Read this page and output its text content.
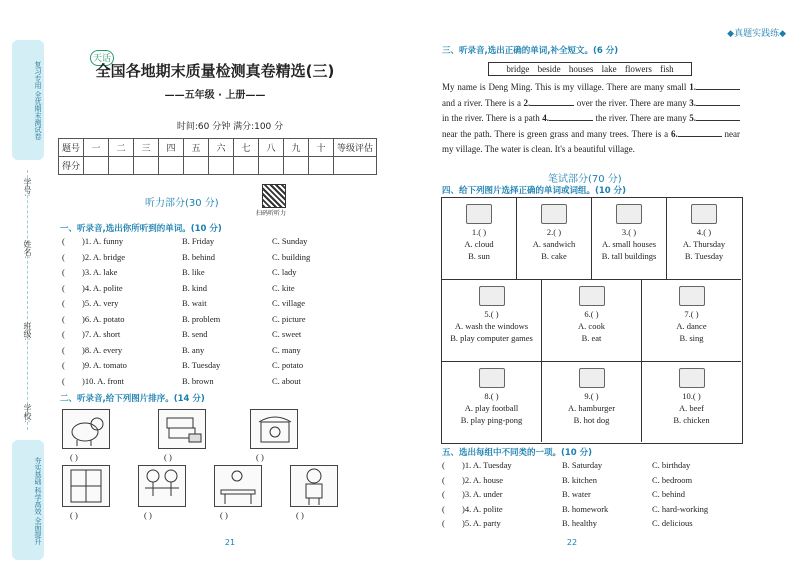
复习专用 全优期末测试卷
学号:
姓名:
班级:
学校:
夯实基础 科学高效 全面提升
天话
全国各地期末质量检测真卷精选(三)
——五年级 · 上册——
时间:60 分钟 满分:100 分
题号	一	二	三	四	五	六	七	八	九	十	等级评估
得分											
听力部分(30 分)
扫码听听力
一、听录音,选出你所听到的单词。(10 分)
( )1. A. funny	B. Friday	C. Sunday
( )2. A. bridge	B. behind	C. building
( )3. A. lake	B. like	C. lady
( )4. A. polite	B. kind	C. kite
( )5. A. very	B. wait	C. village
( )6. A. potato	B. problem	C. picture
( )7. A. short	B. send	C. sweet
( )8. A. every	B. any	C. many
( )9. A. tomato	B. Tuesday	C. potato
( )10. A. front	B. brown	C. about
二、听录音,给下列图片排序。(14 分)
( )	( )	( )
( )	( )	( )	( )
21
◆真题实践练◆
三、听录音,选出正确的单词,补全短文。(6 分)
bridge beside houses lake flowers fish
My name is Deng Ming. This is my village. There are many small 1. and a river. There is a 2.	over the river. There are many 3. in the river. There is a path 4.	the river. There are many 5. near the path. There is green grass and many trees. There is a 6.	near my village. The water is clean. It's a beautiful village.
笔试部分(70 分)
四、给下列图片选择正确的单词或词组。(10 分)
1.( )
A. cloud
B. sun
2.( )
A. sandwich
B. cake
3.( )
A. small houses
B. tall buildings
4.( )
A. Thursday
B. Tuesday
5.( )
A. wash the windows
B. play computer games
6.( )
A. cook
B. eat
7.( )
A. dance
B. sing
8.( )
A. play football
B. play ping-pong
9.( )
A. hamburger
B. hot dog
10.( )
A. beef
B. chicken
五、选出每组中不同类的一项。(10 分)
( )1. A. Tuesday	B. Saturday	C. birthday
( )2. A. house	B. kitchen	C. bedroom
( )3. A. under	B. water	C. behind
( )4. A. polite	B. homework	C. hard-working
( )5. A. party	B. healthy	C. delicious
22
